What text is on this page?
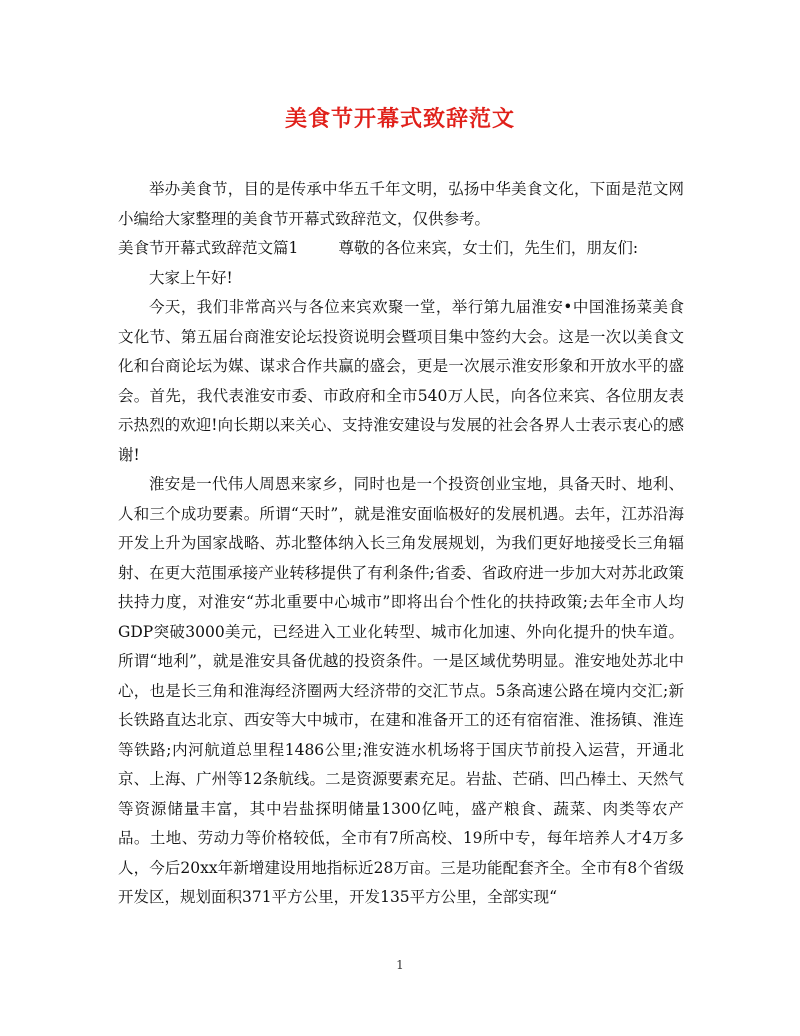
美食节开幕式致辞范文

举办美食节，目的是传承中华五千年文明，弘扬中华美食文化，下面是范文网小编给大家整理的美食节开幕式致辞范文，仅供参考。

美食节开幕式致辞范文篇1	尊敬的各位来宾，女士们，先生们，朋友们:

大家上午好!

今天，我们非常高兴与各位来宾欢聚一堂，举行第九届淮安•中国淮扬菜美食文化节、第五届台商淮安论坛投资说明会暨项目集中签约大会。这是一次以美食文化和台商论坛为媒、谋求合作共赢的盛会，更是一次展示淮安形象和开放水平的盛会。首先，我代表淮安市委、市政府和全市540万人民，向各位来宾、各位朋友表示热烈的欢迎!向长期以来关心、支持淮安建设与发展的社会各界人士表示衷心的感谢!

淮安是一代伟人周恩来家乡，同时也是一个投资创业宝地，具备天时、地利、人和三个成功要素。所谓“天时”，就是淮安面临极好的发展机遇。去年，江苏沿海开发上升为国家战略、苏北整体纳入长三角发展规划，为我们更好地接受长三角辐射、在更大范围承接产业转移提供了有利条件;省委、省政府进一步加大对苏北政策扶持力度，对淮安“苏北重要中心城市”即将出台个性化的扶持政策;去年全市人均GDP突破3000美元，已经进入工业化转型、城市化加速、外向化提升的快车道。所谓“地利”，就是淮安具备优越的投资条件。一是区域优势明显。淮安地处苏北中心，也是长三角和淮海经济圈两大经济带的交汇节点。5条高速公路在境内交汇;新长铁路直达北京、西安等大中城市，在建和准备开工的还有宿宿淮、淮扬镇、淮连等铁路;内河航道总里程1486公里;淮安涟水机场将于国庆节前投入运营，开通北京、上海、广州等12条航线。二是资源要素充足。岩盐、芒硝、凹凸棒土、天然气等资源储量丰富，其中岩盐探明储量1300亿吨，盛产粮食、蔬菜、肉类等农产品。土地、劳动力等价格较低，全市有7所高校、19所中专，每年培养人才4万多人，今后20xx年新增建设用地指标近28万亩。三是功能配套齐全。全市有8个省级开发区，规划面积371平方公里，开发135平方公里，全部实现“

1
